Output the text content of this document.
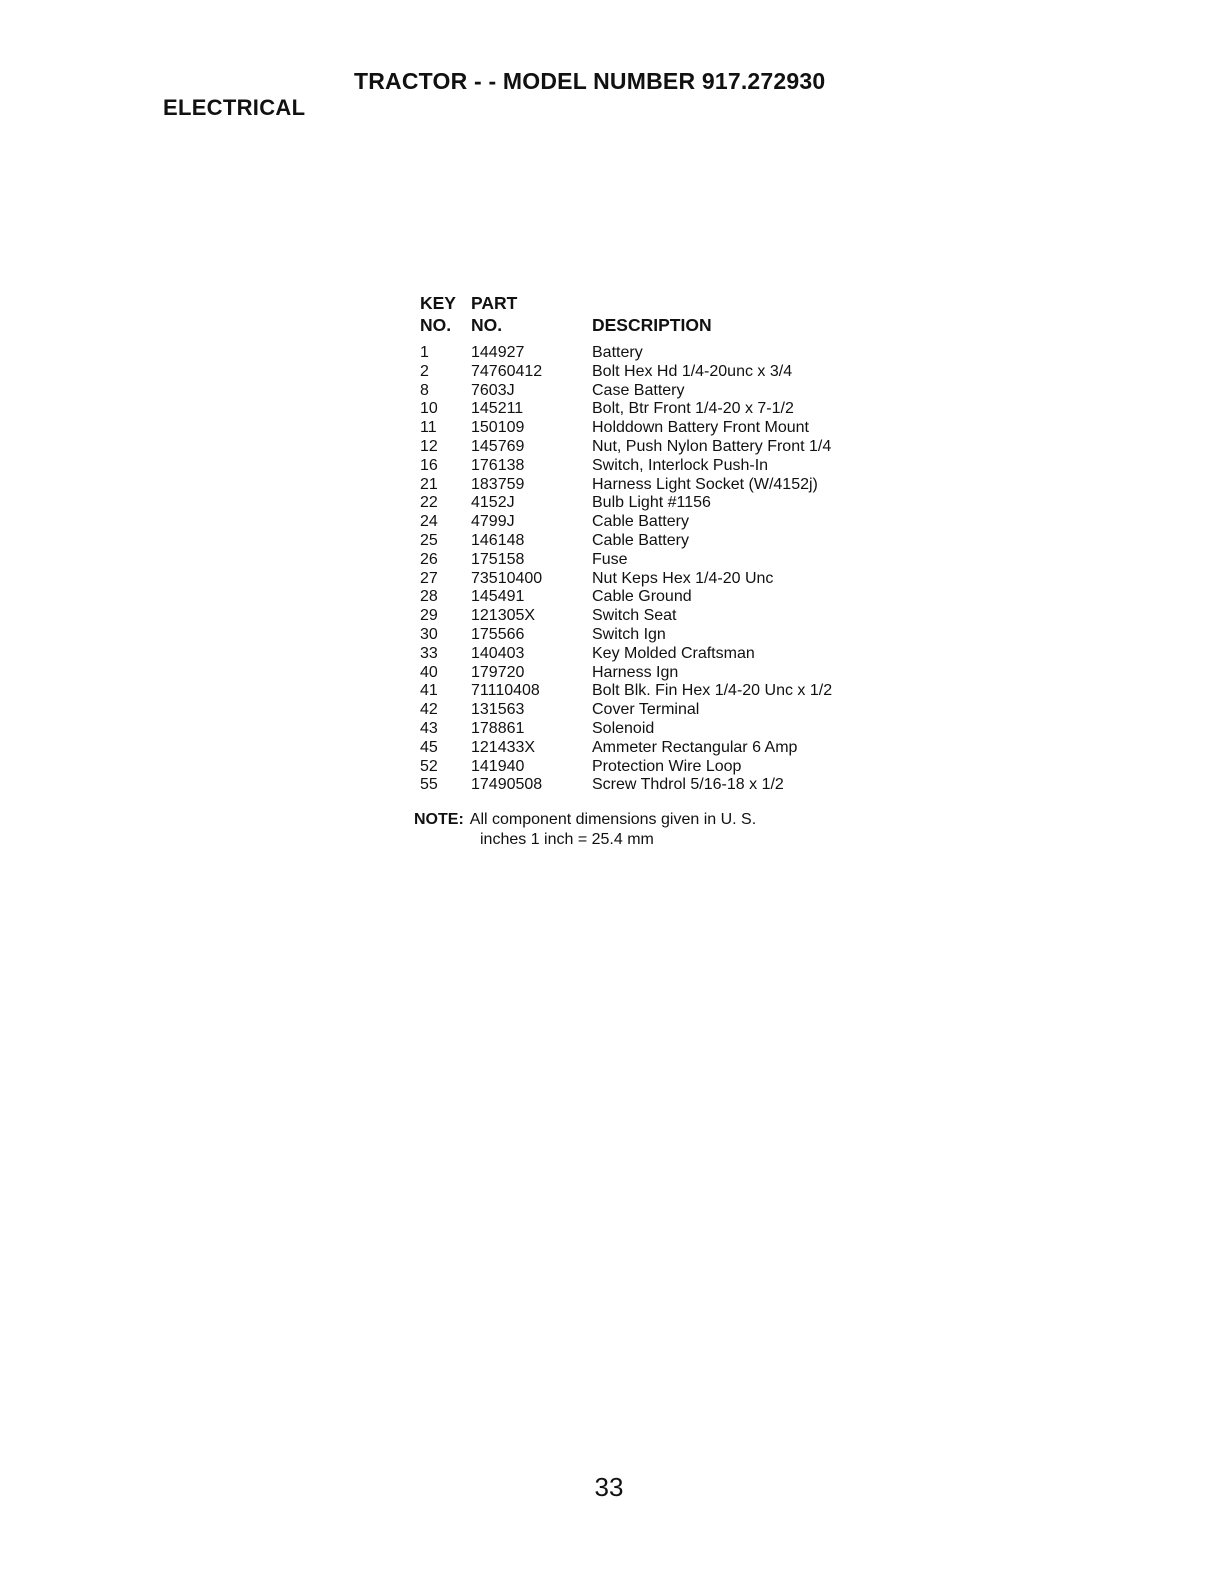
TRACTOR - - MODEL NUMBER 917.272930
ELECTRICAL
KEY	PART	
NO.	NO.	DESCRIPTION
1	144927	Battery
2	74760412	Bolt Hex Hd 1/4-20unc x 3/4
8	7603J	Case Battery
10	145211	Bolt, Btr Front 1/4-20 x 7-1/2
11	150109	Holddown Battery Front Mount
12	145769	Nut, Push Nylon Battery Front 1/4
16	176138	Switch, Interlock Push-In
21	183759	Harness Light Socket (W/4152j)
22	4152J	Bulb Light #1156
24	4799J	Cable Battery
25	146148	Cable Battery
26	175158	Fuse
27	73510400	Nut Keps Hex 1/4-20 Unc
28	145491	Cable Ground
29	121305X	Switch Seat
30	175566	Switch Ign
33	140403	Key Molded Craftsman
40	179720	Harness Ign
41	71110408	Bolt Blk. Fin Hex 1/4-20 Unc x 1/2
42	131563	Cover Terminal
43	178861	Solenoid
45	121433X	Ammeter Rectangular 6 Amp
52	141940	Protection Wire Loop
55	17490508	Screw Thdrol 5/16-18 x 1/2
NOTE: All component dimensions given in U. S.
inches 1 inch = 25.4 mm
33
